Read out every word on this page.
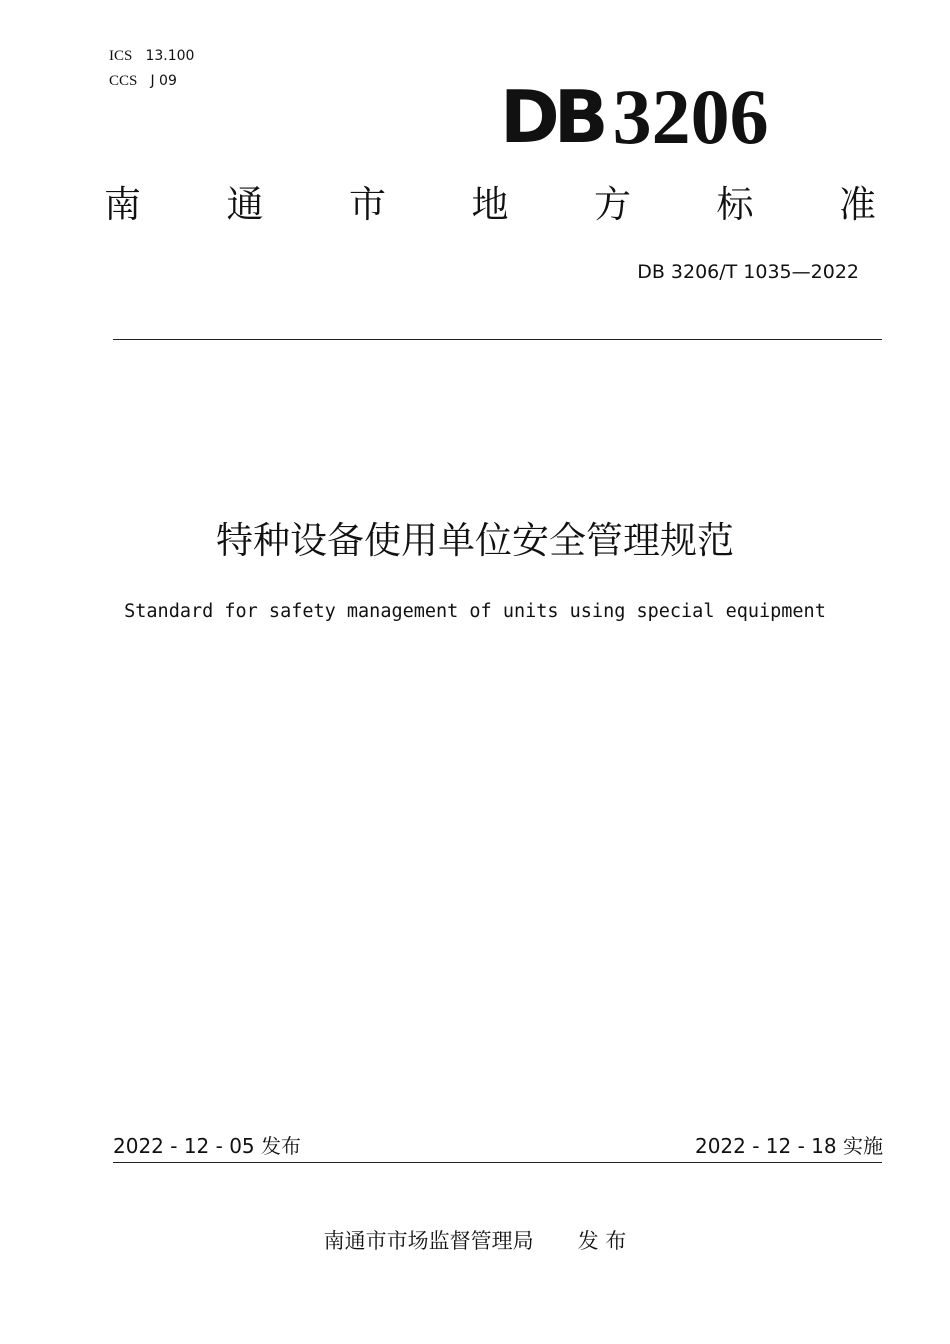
ICS 13.100
CCS J 09	DB 3206
南 通 市 地 方 标 准
DB 3206/T 1035—2022
特种设备使用单位安全管理规范
Standard for safety management of units using special equipment
2022 - 12 - 05 发布	2022 - 12 - 18 实施
南通市市场监督管理局 发 布
